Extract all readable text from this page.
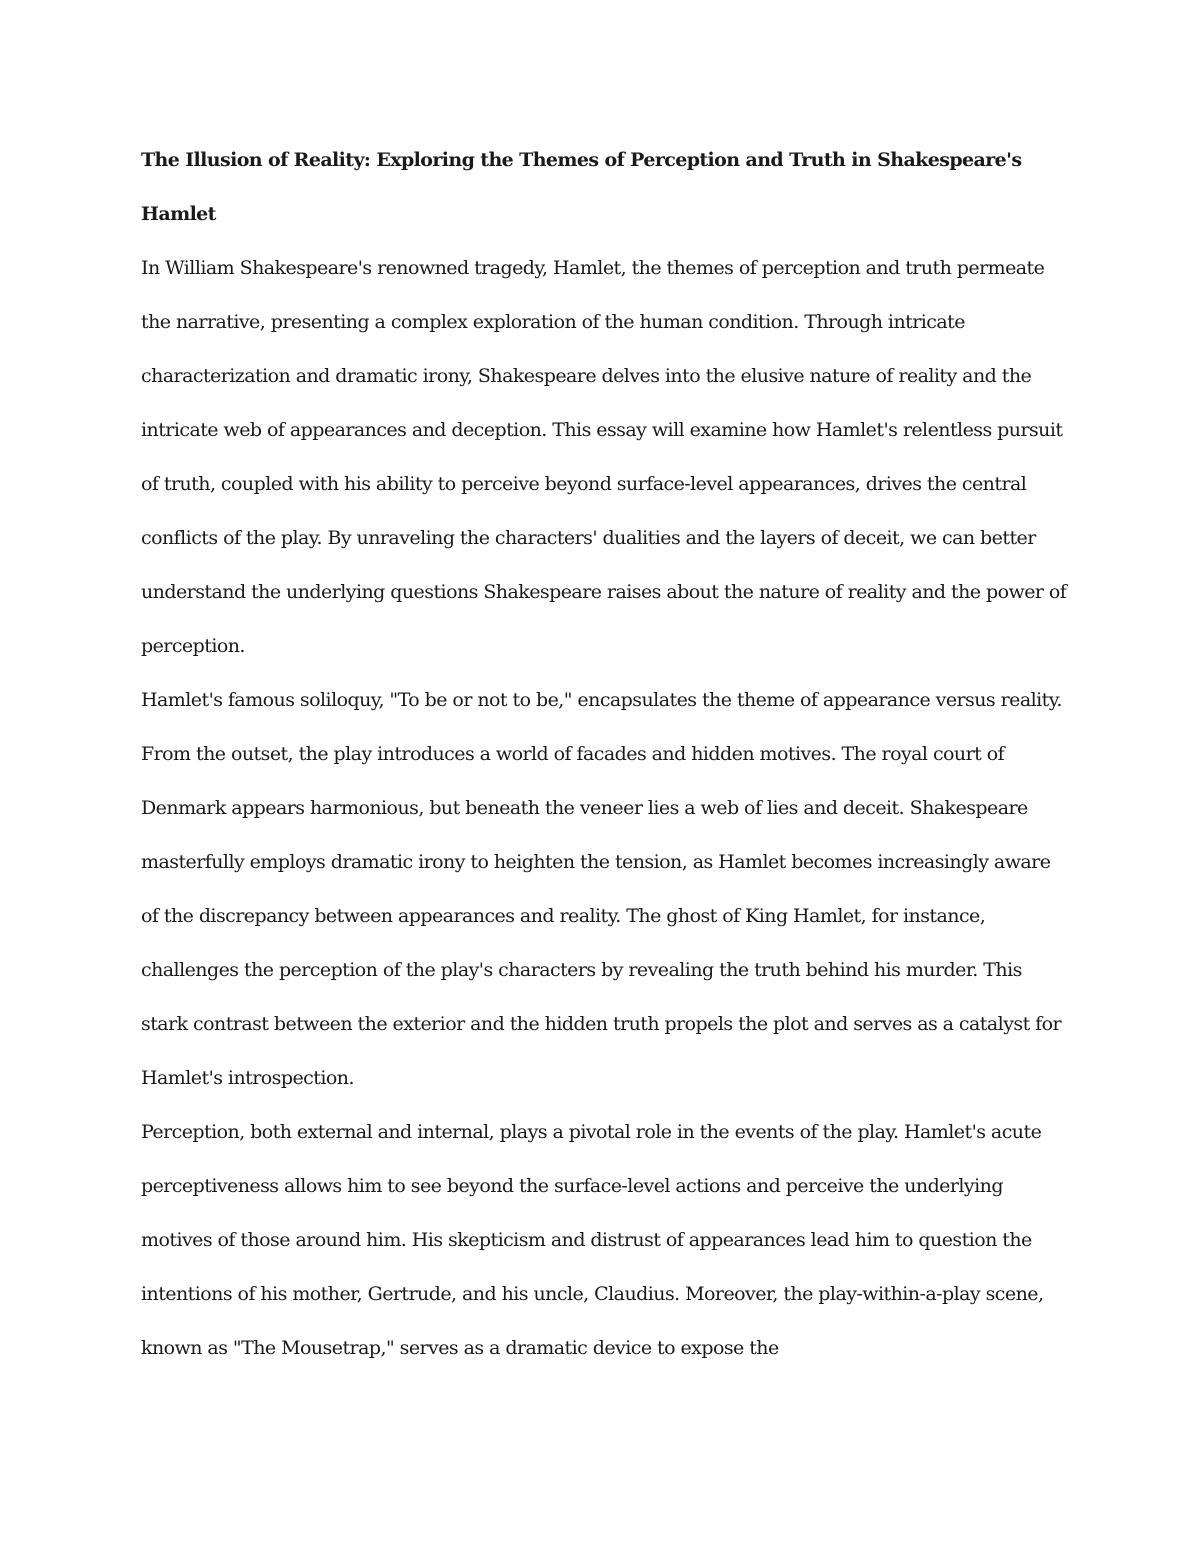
The Illusion of Reality: Exploring the Themes of Perception and Truth in Shakespeare's Hamlet

In William Shakespeare's renowned tragedy, Hamlet, the themes of perception and truth permeate the narrative, presenting a complex exploration of the human condition. Through intricate characterization and dramatic irony, Shakespeare delves into the elusive nature of reality and the intricate web of appearances and deception. This essay will examine how Hamlet's relentless pursuit of truth, coupled with his ability to perceive beyond surface-level appearances, drives the central conflicts of the play. By unraveling the characters' dualities and the layers of deceit, we can better understand the underlying questions Shakespeare raises about the nature of reality and the power of perception.

Hamlet's famous soliloquy, "To be or not to be," encapsulates the theme of appearance versus reality. From the outset, the play introduces a world of facades and hidden motives. The royal court of Denmark appears harmonious, but beneath the veneer lies a web of lies and deceit. Shakespeare masterfully employs dramatic irony to heighten the tension, as Hamlet becomes increasingly aware of the discrepancy between appearances and reality. The ghost of King Hamlet, for instance, challenges the perception of the play's characters by revealing the truth behind his murder. This stark contrast between the exterior and the hidden truth propels the plot and serves as a catalyst for Hamlet's introspection.

Perception, both external and internal, plays a pivotal role in the events of the play. Hamlet's acute perceptiveness allows him to see beyond the surface-level actions and perceive the underlying motives of those around him. His skepticism and distrust of appearances lead him to question the intentions of his mother, Gertrude, and his uncle, Claudius. Moreover, the play-within-a-play scene, known as "The Mousetrap," serves as a dramatic device to expose the
